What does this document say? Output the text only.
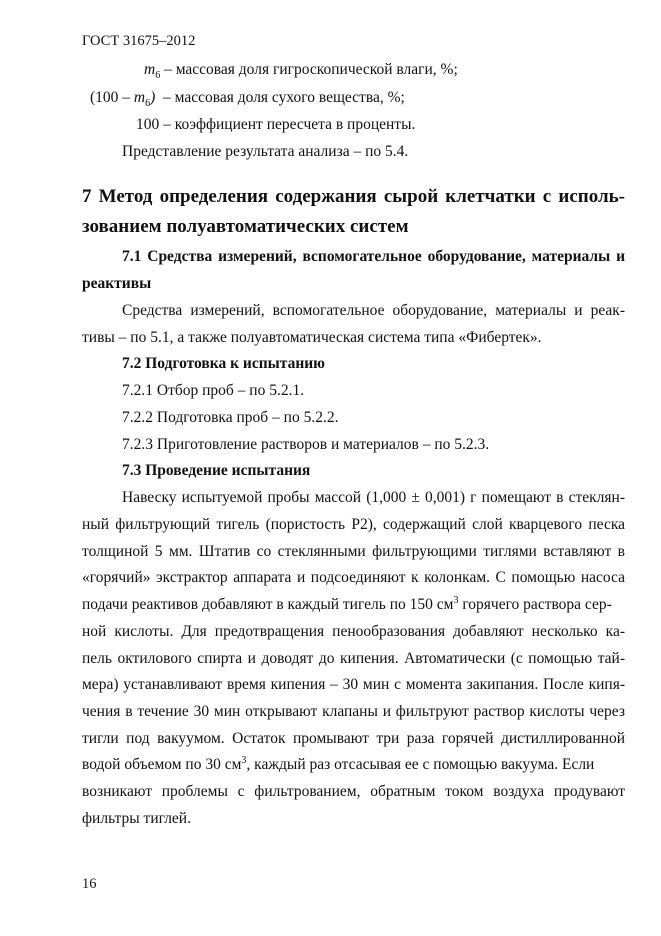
ГОСТ 31675–2012
$m_6$ – массовая доля гигроскопической влаги, %;
$(100 - m_6)$  – массовая доля сухого вещества, %;
100 – коэффициент пересчета в проценты.
Представление результата анализа – по 5.4.
7 Метод определения содержания сырой клетчатки с исполь-
зованием полуавтоматических систем
7.1 Средства измерений, вспомогательное оборудование, материалы и
реактивы
Средства измерений, вспомогательное оборудование, материалы и реак-
тивы – по 5.1, а также полуавтоматическая система типа «Фибертек».
7.2 Подготовка к испытанию
7.2.1 Отбор проб – по 5.2.1.
7.2.2 Подготовка проб – по 5.2.2.
7.2.3 Приготовление растворов и материалов – по 5.2.3.
7.3 Проведение испытания
Навеску испытуемой пробы массой (1,000 ± 0,001) г помещают в стеклян-
ный фильтрующий тигель (пористость Р2), содержащий слой кварцевого песка
толщиной 5 мм. Штатив со стеклянными фильтрующими тиглями вставляют в
«горячий» экстрактор аппарата и подсоединяют к колонкам. С помощью насоса
подачи реактивов добавляют в каждый тигель по 150 $см^3$ горячего раствора сер-
ной кислоты. Для предотвращения пенообразования добавляют несколько ка-
пель октилового спирта и доводят до кипения. Автоматически (с помощью тай-
мера) устанавливают время кипения – 30 мин с момента закипания. После кипя-
чения в течение 30 мин открывают клапаны и фильтруют раствор кислоты через
тигли под вакуумом. Остаток промывают три раза горячей дистиллированной
водой объемом по 30 $см^3$, каждый раз отсасывая ее с помощью вакуума. Если
возникают проблемы с фильтрованием, обратным током воздуха продувают
фильтры тиглей.
16
